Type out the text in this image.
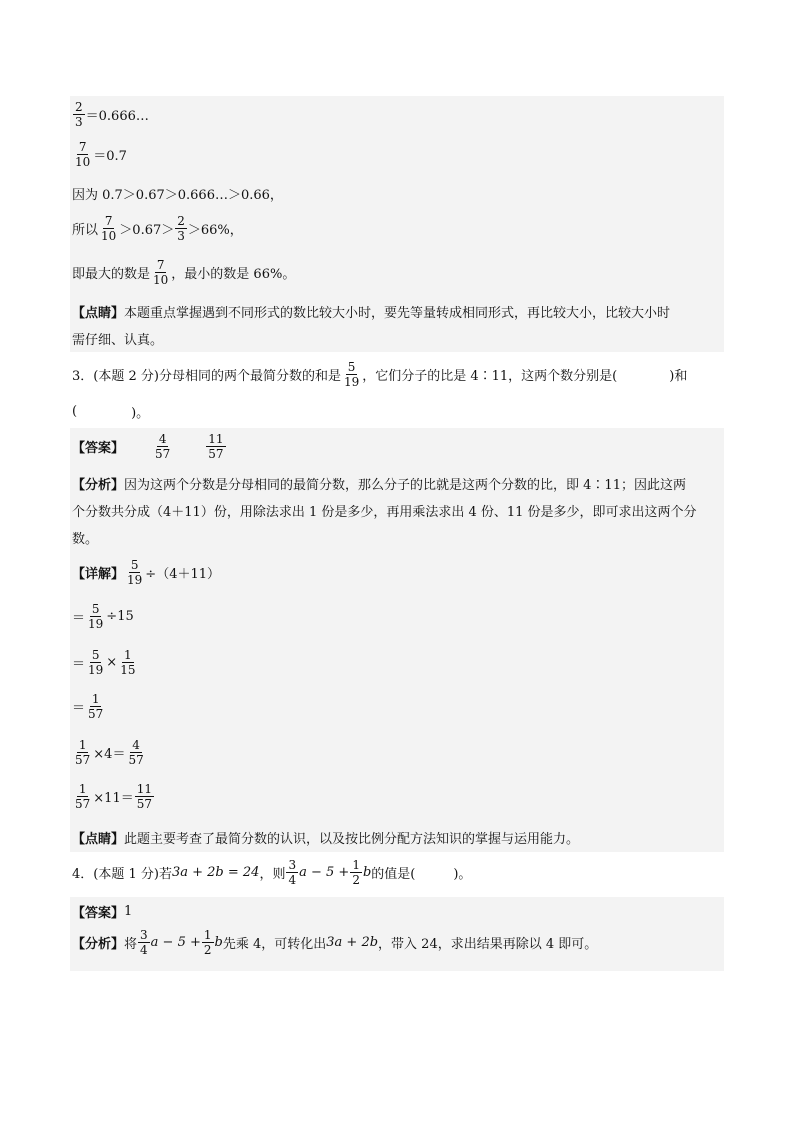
$\frac{2}{3}$ ＝0.666…
$\frac{7}{10} =0.7$
因为 0.7＞0.67＞0.666…＞0.66，
所以 $\frac{7}{10} >0.67> \frac{2}{3} >66\%$，
即最大的数是 $\frac{7}{10}$ ，最小的数是 66%。
【点睛】 本题重点掌握遇到不同形式的数比较大小时，要先等量转成相同形式，再比较大小，比较大小时
需仔细、认真。
3．(本题 2 分)分母相同的两个最简分数的和是 $\frac{5}{19}$ ，它们分子的比是 4∶11，这两个数分别是(	)和
(	)。
【答案】 $\frac{4}{57}$	$\frac{11}{57}$
【分析】 因为这两个分数是分母相同的最简分数，那么分子的比就是这两个分数的比，即 4∶11；因此这两
个分数共分成（4＋11）份，用除法求出 1 份是多少，再用乘法求出 4 份、11 份是多少，即可求出这两个分
数。
【详解】 $\frac{5}{19} \div(4+11)$
＝ $\frac{5}{19} \div 15$
＝ $\frac{5}{19} \times \frac{1}{15}$
＝ $\frac{1}{57}$
$\frac{1}{57} \times 4= \frac{4}{57}$
$\frac{1}{57} \times 11= \frac{11}{57}$
【点睛】 此题主要考查了最简分数的认识，以及按比例分配方法知识的掌握与运用能力。
4．(本题 1 分)若 3a + 2b = 24 ，则 $\frac{3}{4}$ $a - 5 + \frac{1}{2}$ b 的值是(	)。
【答案】 1
【分析】 将 $\frac{3}{4}$ $a - 5 + \frac{1}{2}$ b 先乘 4，可转化出 3a + 2b ，带入 24，求出结果再除以 4 即可。
